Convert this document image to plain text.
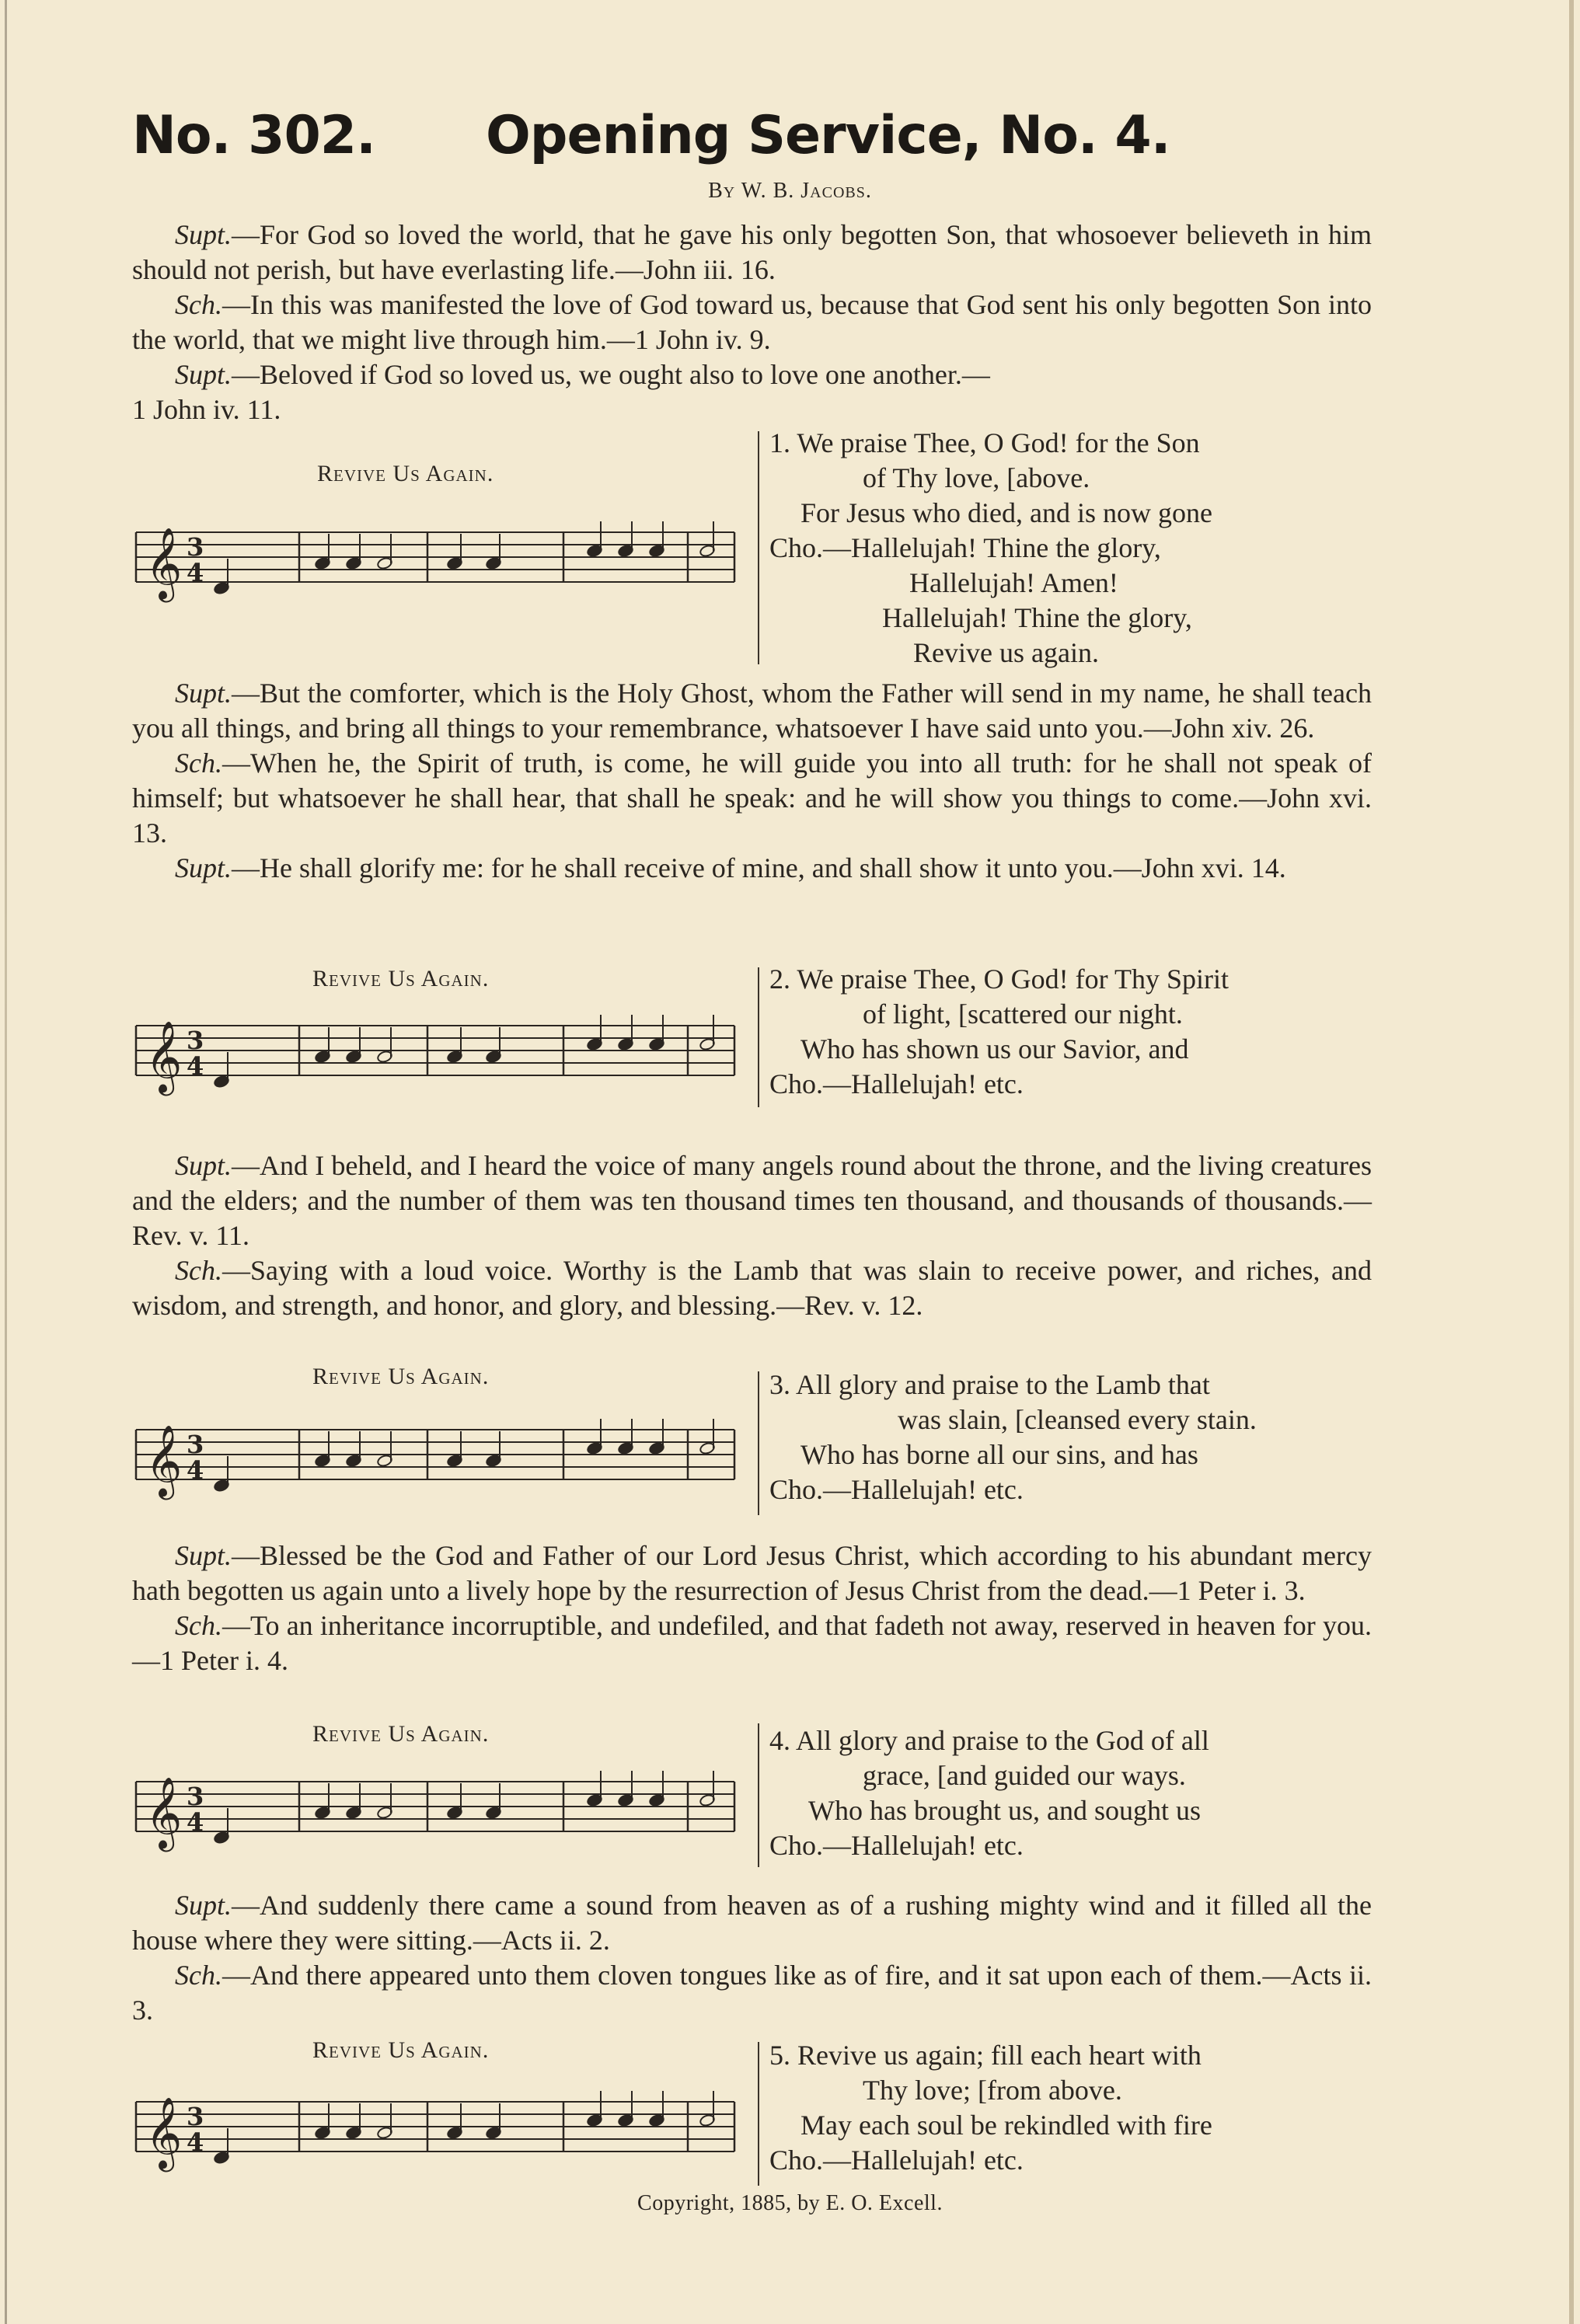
No. 302. Opening Service, No. 4.
By W. B. Jacobs.

Supt.—For God so loved the world, that he gave his only begotten Son, that whosoever believeth in him should not perish, but have everlasting life.—John iii. 16.

Sch.—In this was manifested the love of God toward us, because that God sent his only begotten Son into the world, that we might live through him.—1 John iv. 9.

Supt.—Beloved if God so loved us, we ought also to love one another.—

1 John iv. 11.

Revive Us Again.
𝄞 3
4
1. We praise Thee, O God! for the Son
of Thy love, [above.
For Jesus who died, and is now gone
Cho.—Hallelujah! Thine the glory,
Hallelujah! Amen!
Hallelujah! Thine the glory,
Revive us again.

Supt.—But the comforter, which is the Holy Ghost, whom the Father will send in my name, he shall teach you all things, and bring all things to your remembrance, whatsoever I have said unto you.—John xiv. 26.

Sch.—When he, the Spirit of truth, is come, he will guide you into all truth: for he shall not speak of himself; but whatsoever he shall hear, that shall he speak: and he will show you things to come.—John xvi. 13.

Supt.—He shall glorify me: for he shall receive of mine, and shall show it unto you.—John xvi. 14.

Revive Us Again.
𝄞 3
4
2. We praise Thee, O God! for Thy Spirit
of light, [scattered our night.
Who has shown us our Savior, and
Cho.—Hallelujah! etc.

Supt.—And I beheld, and I heard the voice of many angels round about the throne, and the living creatures and the elders; and the number of them was ten thousand times ten thousand, and thousands of thousands.—Rev. v. 11.

Sch.—Saying with a loud voice. Worthy is the Lamb that was slain to receive power, and riches, and wisdom, and strength, and honor, and glory, and blessing.—Rev. v. 12.

Revive Us Again.
𝄞 3
4
3. All glory and praise to the Lamb that
was slain, [cleansed every stain.
Who has borne all our sins, and has
Cho.—Hallelujah! etc.

Supt.—Blessed be the God and Father of our Lord Jesus Christ, which according to his abundant mercy hath begotten us again unto a lively hope by the resurrection of Jesus Christ from the dead.—1 Peter i. 3.

Sch.—To an inheritance incorruptible, and undefiled, and that fadeth not away, reserved in heaven for you.—1 Peter i. 4.

Revive Us Again.
𝄞 3
4
4. All glory and praise to the God of all
grace, [and guided our ways.
Who has brought us, and sought us
Cho.—Hallelujah! etc.

Supt.—And suddenly there came a sound from heaven as of a rushing mighty wind and it filled all the house where they were sitting.—Acts ii. 2.

Sch.—And there appeared unto them cloven tongues like as of fire, and it sat upon each of them.—Acts ii. 3.

Revive Us Again.
𝄞 3
4
5. Revive us again; fill each heart with
Thy love; [from above.
May each soul be rekindled with fire
Cho.—Hallelujah! etc.
Copyright, 1885, by E. O. Excell.
